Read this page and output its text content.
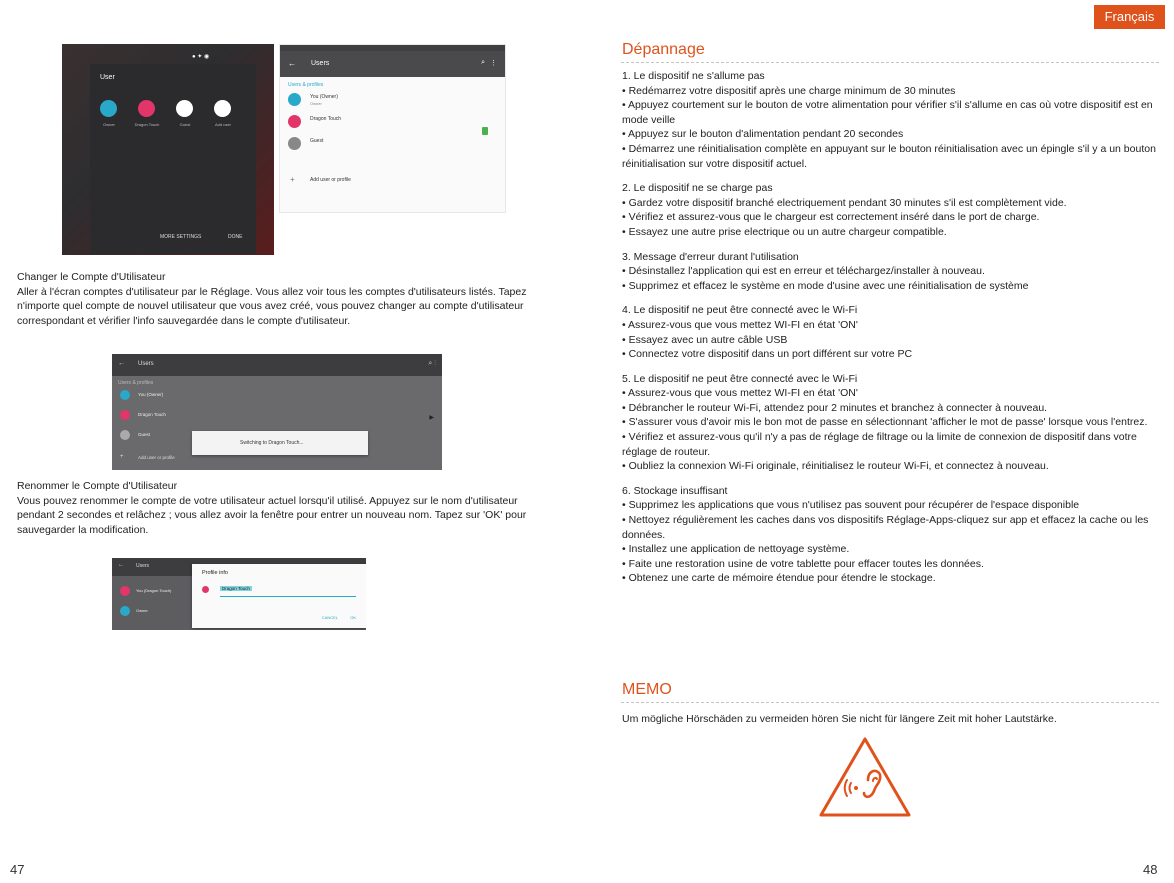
Français
● ✦ ◉
User
Owner	Dragon Touch	Guest	Add user
MORE SETTINGS	DONE
← Users	⌕ ⋮
Users & profiles
You (Owner)
Owner
Dragon Touch
Guest
+	Add user or profile

Changer le Compte d'Utilisateur

Aller à l'écran comptes d'utilisateur par le Réglage. Vous allez voir tous les comptes d'utilisateurs listés. Tapez n'importe quel compte de nouvel utilisateur que vous avez créé, vous pouvez changer au compte d'utilisateur correspondant et vérifier l'info sauvegardée dans le compte d'utilisateur.

← Users	⌕ ⋮
Users & profiles
You (Owner)
Dragon Touch
Guest
+	Add user or profile
Switching to Dragon Touch...
▶

Renommer le Compte d'Utilisateur

Vous pouvez renommer le compte de votre utilisateur actuel lorsqu'il utilisé. Appuyez sur le nom d'utilisateur pendant 2 secondes et relâchez ; vous allez avoir la fenêtre pour entrer un nouveau nom. Tapez sur 'OK' pour sauvegarder la modification.

← Users
You (Dragon Touch)
Owner
Profile info
Dragon Touch
CANCEL	OK
47
Dépannage

1. Le dispositif ne s'allume pas

• Redémarrez votre dispositif après une charge minimum de 30 minutes

• Appuyez courtement sur le bouton de votre alimentation pour vérifier s'il s'allume en cas où votre dispositif est en mode veille

• Appuyez sur le bouton d'alimentation pendant 20 secondes

• Démarrez une réinitialisation complète en appuyant sur le bouton réinitialisation avec un épingle s'il y a un bouton réinitialisation sur votre dispositif actuel.

2. Le dispositif ne se charge pas

• Gardez votre dispositif branché electriquement pendant 30 minutes s'il est complètement vide.

• Vérifiez et assurez-vous que le chargeur est correctement inséré dans le port de charge.

• Essayez une autre prise electrique ou un autre chargeur compatible.

3. Message d'erreur durant l'utilisation

• Désinstallez l'application qui est en erreur et téléchargez/installer à nouveau.

• Supprimez et effacez le système en mode d'usine avec une réinitialisation de système

4. Le dispositif ne peut être connecté avec le Wi-Fi

• Assurez-vous que vous mettez WI-FI en état 'ON'

• Essayez avec un autre câble USB

• Connectez votre dispositif dans un port différent sur votre PC

5. Le dispositif ne peut être connecté avec le Wi-Fi

• Assurez-vous que vous mettez WI-FI en état 'ON'

• Débrancher le routeur Wi-Fi, attendez pour 2 minutes et branchez à connecter à nouveau.

• S'assurer vous d'avoir mis le bon mot de passe en sélectionnant 'afficher le mot de passe' lorsque vous l'entrez.

• Vérifiez et assurez-vous qu'il n'y a pas de réglage de filtrage ou la limite de connexion de dispositif dans votre réglage de routeur.

• Oubliez la connexion Wi-Fi originale, réinitialisez le routeur Wi-Fi, et connectez à nouveau.

6. Stockage insuffisant

• Supprimez les applications que vous n'utilisez pas souvent pour récupérer de l'espace disponible

• Nettoyez régulièrement les caches dans vos dispositifs Réglage-Apps-cliquez sur app et effacez la cache ou les données.

• Installez une application de nettoyage système.

• Faite une restoration usine de votre tablette pour effacer toutes les données.

• Obtenez une carte de mémoire étendue pour étendre le stockage.

MEMO
Um mögliche Hörschäden zu vermeiden hören Sie nicht für längere Zeit mit hoher Lautstärke.
48
